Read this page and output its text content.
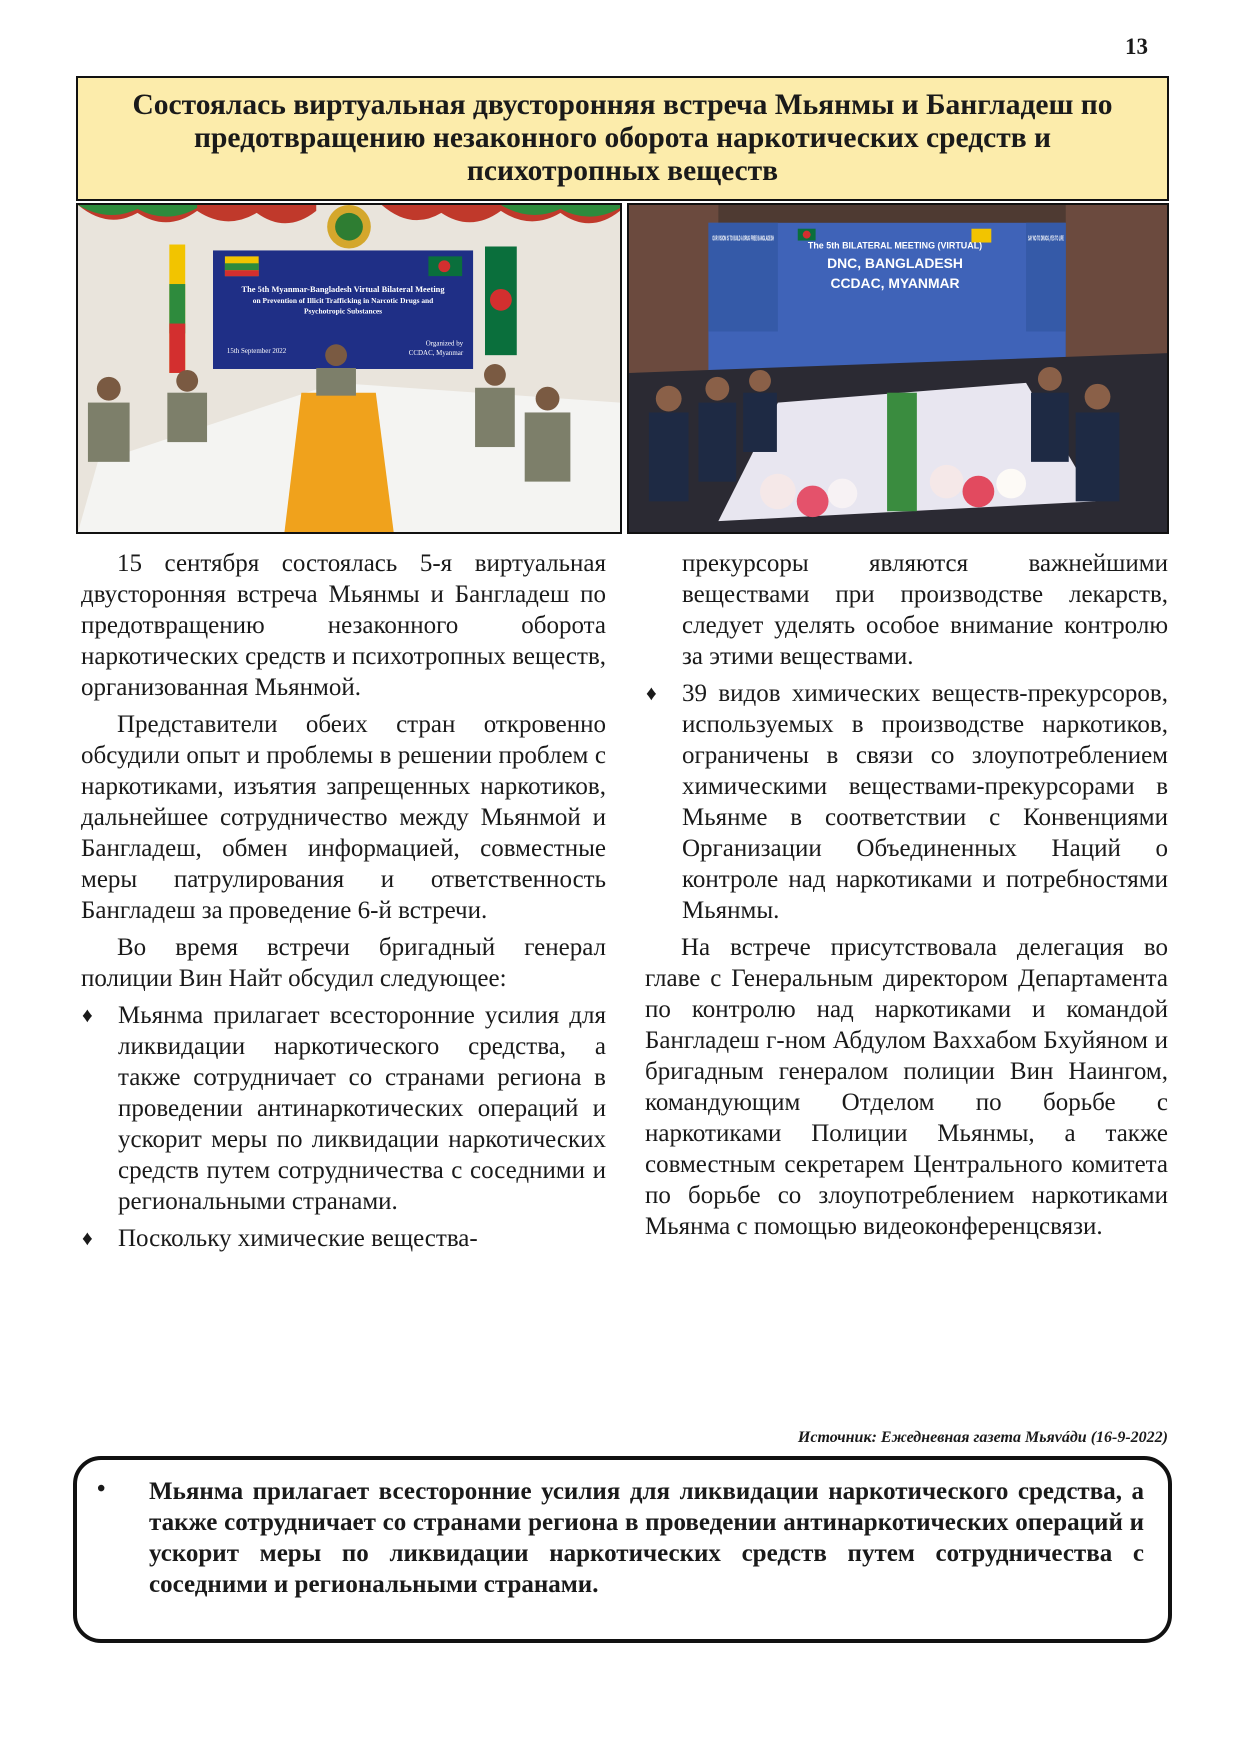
13
Состоялась виртуальная двусторонняя встреча Мьянмы и Бангладеш по предотвращению незаконного оборота наркотических средств и психотропных веществ
The 5th Myanmar-Bangladesh Virtual Bilateral Meeting
on Prevention of Illicit Trafficking in Narcotic Drugs and
Psychotropic Substances
15th September 2022
Organized by
CCDAC, Myanmar
OUR VISION IS TO BUILD A DRUG FREE BANGLADESH
The 5th BILATERAL MEETING (VIRTUAL)
DNC, BANGLADESH
CCDAC, MYANMAR
SAY NO TO DRUGS, YES TO LIFE

15 сентября состоялась 5-я виртуальная двусторонняя встреча Мьянмы и Бангладеш по предотвращению незаконного оборота наркотических средств и психотропных веществ, организованная Мьянмой.

Представители обеих стран откровенно обсудили опыт и проблемы в решении проблем с наркотиками, изъятия запрещенных наркотиков, дальнейшее сотрудничество между Мьянмой и Бангладеш, обмен информацией, совместные меры патрулирования и ответственность Бангладеш за проведение 6-й встречи.

Во время встречи бригадный генерал полиции Вин Найт обсудил следующее:

♦ Мьянма прилагает всесторонние усилия для ликвидации наркотического средства, а также сотрудничает со странами региона в проведении антинаркотических операций и ускорит меры по ликвидации наркотических средств путем сотрудничества с соседними и региональными странами.
♦ Поскольку химические вещества-
прекурсоры являются важнейшими веществами при производстве лекарств, следует уделять особое внимание контролю за этими веществами.
♦ 39 видов химических веществ-прекурсоров, используемых в производстве наркотиков, ограничены в связи со злоупотреблением химическими веществами-прекурсорами в Мьянме в соответствии с Конвенциями Организации Объединенных Наций о контроле над наркотиками и потребностями Мьянмы.

На встрече присутствовала делегация во главе с Генеральным директором Департамента по контролю над наркотиками и командой Бангладеш г-ном Абдулом Ваххабом Бхуйяном и бригадным генералом полиции Вин Наингом, командующим Отделом по борьбе с наркотиками Полиции Мьянмы, а также совместным секретарем Центрального комитета по борьбе со злоупотреблением наркотиками Мьянма с помощью видеоконференцсвязи.

Источник: Ежедневная газета Мьяváди (16-9-2022)
• Мьянма прилагает всесторонние усилия для ликвидации наркотического средства, а также сотрудничает со странами региона в проведении антинаркотических операций и ускорит меры по ликвидации наркотических средств путем сотрудничества с соседними и региональными странами.
